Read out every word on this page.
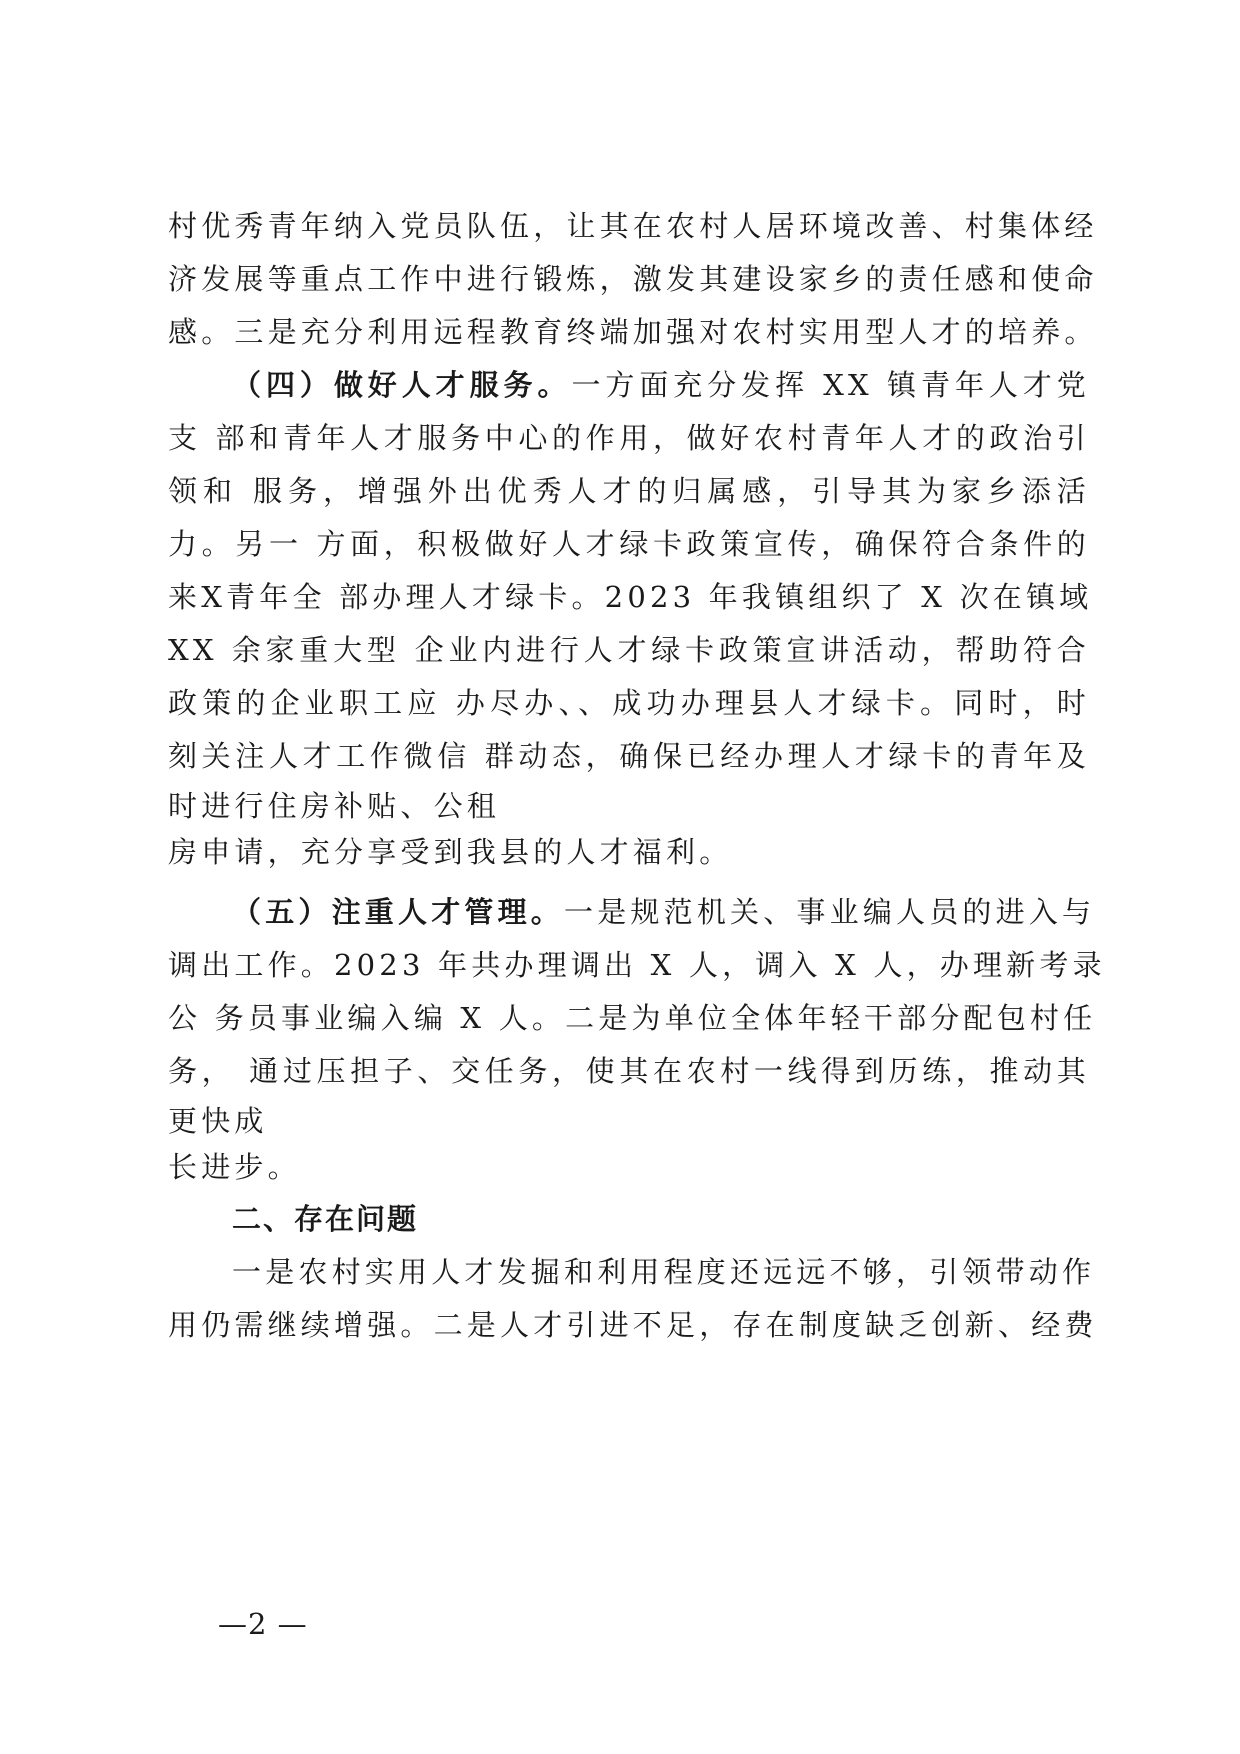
村优秀青年纳入党员队伍，让其在农村人居环境改善、村集体经
济发展等重点工作中进行锻炼，激发其建设家乡的责任感和使命
感。三是充分利用远程教育终端加强对农村实用型人才的培养。
（四）做好人才服务。一方面充分发挥 XX 镇青年人才党
支 部和青年人才服务中心的作用，做好农村青年人才的政治引
领和 服务，增强外出优秀人才的归属感，引导其为家乡添活
力。另一 方面，积极做好人才绿卡政策宣传，确保符合条件的
来X青年全 部办理人才绿卡。2023 年我镇组织了 X 次在镇域
XX 余家重大型 企业内进行人才绿卡政策宣讲活动，帮助符合
政策的企业职工应 办尽办、、成功办理县人才绿卡。同时，时
刻关注人才工作微信 群动态，确保已经办理人才绿卡的青年及
时进行住房补贴、公租
房申请，充分享受到我县的人才福利。
（五）注重人才管理。一是规范机关、事业编人员的进入与
调出工作。2023 年共办理调出 X 人，调入 X 人，办理新考录
公 务员事业编入编 X 人。二是为单位全体年轻干部分配包村任
务， 通过压担子、交任务，使其在农村一线得到历练，推动其
更快成
长进步。
二、存在问题
一是农村实用人才发掘和利用程度还远远不够，引领带动作
用仍需继续增强。二是人才引进不足，存在制度缺乏创新、经费
—2 —
